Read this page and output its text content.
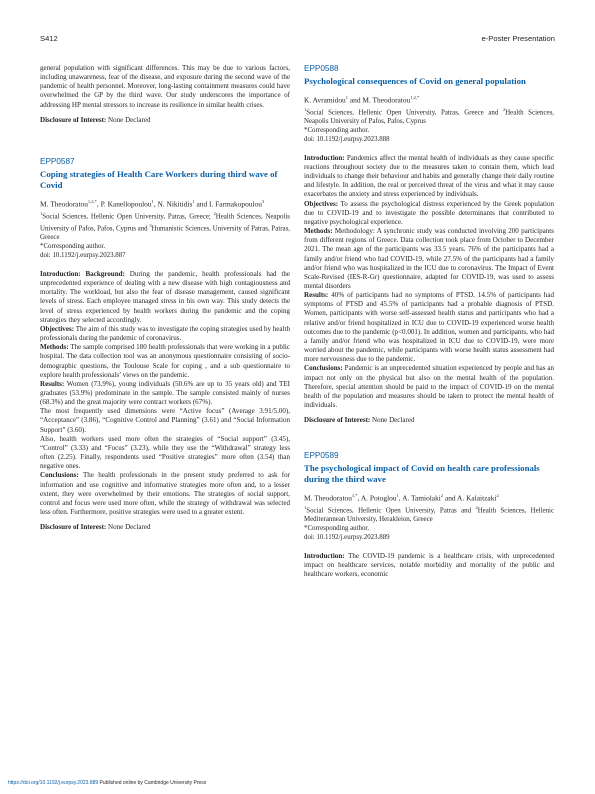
S412	e-Poster Presentation

general population with significant differences. This may be due to various factors, including unawareness, fear of the disease, and exposure during the second wave of the pandemic of health personnel. Moreover, long-lasting containment measures could have overwhelmed the GP by the third wave. Our study underscores the importance of addressing HP mental stressors to increase its resilience in similar health crises.

Disclosure of Interest: None Declared

EPP0587
Coping strategies of Health Care Workers during third wave of Covid

M. Theodoratou$^{1,2,*}$, P. Kanellopoulou$^1$, N. Nikitidis$^1$ and I. Farmakopoulou$^3$

$^1$Social Sciences, Hellenic Open University, Patras, Greece; $^2$Health Sciences, Neapolis University of Pafos, Pafos, Cyprus and $^3$Humanistic Sciences, University of Patras, Patras, Greece

*Corresponding author.

doi: 10.1192/j.eurpsy.2023.887

Introduction: Background: During the pandemic, health professionals had the unprecedented experience of dealing with a new disease with high contagiousness and mortality. The workload, but also the fear of disease management, caused significant levels of stress. Each employee managed stress in his own way. This study detects the level of stress experienced by health workers during the pandemic and the coping strategies they selected accordingly.

Objectives: The aim of this study was to investigate the coping strategies used by health professionals during the pandemic of coronavirus.

Methods: The sample comprised 180 health professionals that were working in a public hospital. The data collection tool was an anonymous questionnaire consisting of socio-demographic questions, the Toulouse Scale for coping , and a sub questionnaire to explore health professionals’ views on the pandemic.

Results: Women (73.9%), young individuals (50.6% are up to 35 years old) and TEI graduates (53.9%) predominate in the sample. The sample consisted mainly of nurses (68.3%) and the great majority were contract workers (67%).

The most frequently used dimensions were “Active focus” (Average 3.91/5.00), “Acceptance” (3.86), “Cognitive Control and Planning” (3.61) and “Social Information Support” (3.60).

Also, health workers used more often the strategies of “Social support” (3.45), “Control” (3.33) and “Focus” (3.23), while they use the “Withdrawal” strategy less often (2.25). Finally, respondents used “Positive strategies” more often (3.54) than negative ones.

Conclusions: The health professionals in the present study preferred to ask for information and use cognitive and informative strategies more often and, to a lesser extent, they were overwhelmed by their emotions. The strategies of social support, control and focus were used more often, while the strategy of withdrawal was selected less often. Furthermore, positive strategies were used to a greater extent.

Disclosure of Interest: None Declared

EPP0588
Psychological consequences of Covid on general population

K. Avramidou$^1$ and M. Theodoratou$^{1,2,*}$

$^1$Social Sciences, Hellenic Open University, Patras, Greece and $^2$Health Sciences, Neapolis University of Pafos, Pafos, Cyprus

*Corresponding author.

doi: 10.1192/j.eurpsy.2023.888

Introduction: Pandemics affect the mental health of individuals as they cause specific reactions throughout society due to the measures taken to contain them, which lead individuals to change their behaviour and habits and generally change their daily routine and lifestyle. In addition, the real or perceived threat of the virus and what it may cause exacerbates the anxiety and stress experienced by individuals.

Objectives: To assess the psychological distress experienced by the Greek population due to COVID-19 and to investigate the possible determinants that contributed to negative psychological experience.

Methods: Methodology: A synchronic study was conducted involving 200 participants from different regions of Greece. Data collection took place from October to December 2021. The mean age of the participants was 33.5 years. 76% of the participants had a family and/or friend who had COVID-19, while 27.5% of the participants had a family and/or friend who was hospitalized in the ICU due to coronavirus. The Impact of Event Scale-Revised (IES-R-Gr) questionnaire, adapted for COVID-19, was used to assess mental disorders

Results: 40% of participants had no symptoms of PTSD. 14.5% of participants had symptoms of PTSD and 45.5% of participants had a probable diagnosis of PTSD. Women, participants with worse self-assessed health status and participants who had a relative and/or friend hospitalized in ICU due to COVID-19 experienced worse health outcomes due to the pandemic (p<0.001). In addition, women and participants, who had a family and/or friend who was hospitalized in ICU due to COVID-19, were more worried about the pandemic, while participants with worse health status assessment had more nervousness due to the pandemic.

Conclusions: Pandemic is an unprecedented situation experienced by people and has an impact not only on the physical but also on the mental health of the population. Therefore, special attention should be paid to the impact of COVID-19 on the mental health of the population and measures should be taken to protect the mental health of individuals.

Disclosure of Interest: None Declared

EPP0589
The psychological impact of Covid on health care professionals during the third wave

M. Theodoratou$^{1,*}$, A. Potoglou$^1$, A. Tamiolaki$^2$ and A. Kalaitzaki$^2$

$^1$Social Sciences, Hellenic Open University, Patras and $^2$Health Sciences, Hellenic Mediterannean University, Herakleion, Greece

*Corresponding author.

doi: 10.1192/j.eurpsy.2023.889

Introduction: The COVID-19 pandemic is a healthcare crisis, with unprecedented impact on healthcare services, notable morbidity and mortality of the public and healthcare workers, economic

https://doi.org/10.1192/j.eurpsy.2023.889 Published online by Cambridge University Press
